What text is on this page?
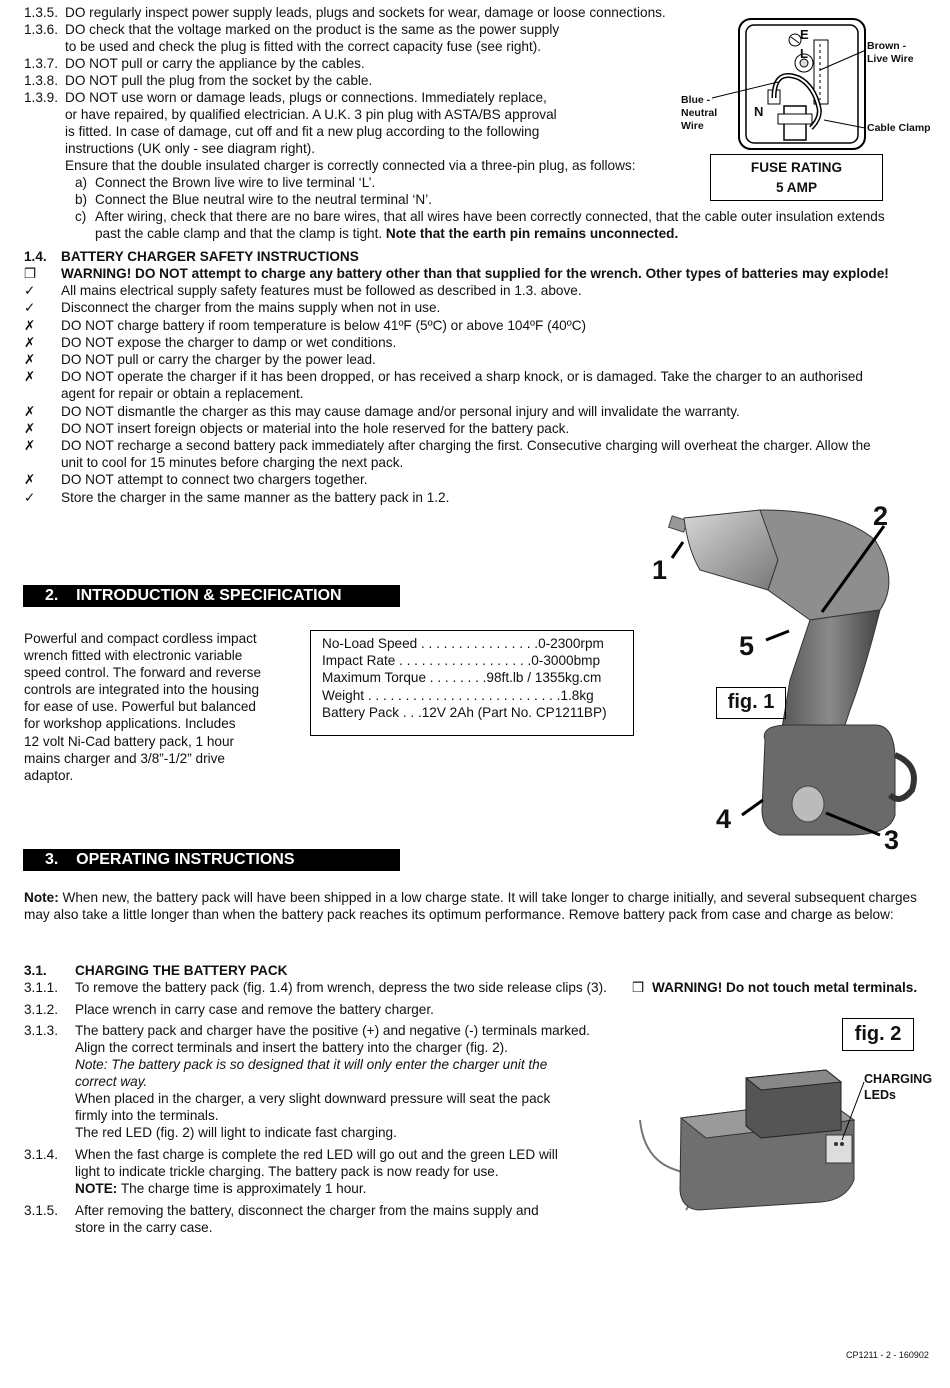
1.3.5. DO regularly inspect power supply leads, plugs and sockets for wear, damage or loose connections.
1.3.6. DO check that the voltage marked on the product is the same as the power supply
to be used and check the plug is fitted with the correct capacity fuse (see right).
1.3.7. DO NOT pull or carry the appliance by the cables.
1.3.8. DO NOT pull the plug from the socket by the cable.
1.3.9. DO NOT use worn or damage leads, plugs or connections. Immediately replace,
or have repaired, by qualified electrician. A U.K. 3 pin plug with ASTA/BS approval
is fitted. In case of damage, cut off and fit a new plug according to the following
instructions (UK only - see diagram right).
Ensure that the double insulated charger is correctly connected via a three-pin plug, as follows:
a) Connect the Brown live wire to live terminal ‘L’.
b) Connect the Blue neutral wire to the neutral terminal ‘N’.
c) After wiring, check that there are no bare wires, that all wires have been correctly connected, that the cable outer insulation extends
past the cable clamp and that the clamp is tight. Note that the earth pin remains unconnected.
E
L
N
Brown -
Live Wire
Blue -
Neutral
Wire	Cable Clamp
FUSE RATING
5 AMP
1.4. BATTERY CHARGER SAFETY INSTRUCTIONS
❒ WARNING! DO NOT attempt to charge any battery other than that supplied for the wrench. Other types of batteries may explode!
✓ All mains electrical supply safety features must be followed as described in 1.3. above.
✓ Disconnect the charger from the mains supply when not in use.
✗ DO NOT charge battery if room temperature is below 41ºF (5ºC) or above 104ºF (40ºC)
✗ DO NOT expose the charger to damp or wet conditions.
✗ DO NOT pull or carry the charger by the power lead.
✗ DO NOT operate the charger if it has been dropped, or has received a sharp knock, or is damaged. Take the charger to an authorised
agent for repair or obtain a replacement.
✗ DO NOT dismantle the charger as this may cause damage and/or personal injury and will invalidate the warranty.
✗ DO NOT insert foreign objects or material into the hole reserved for the battery pack.
✗ DO NOT recharge a second battery pack immediately after charging the first. Consecutive charging will overheat the charger. Allow the
unit to cool for 15 minutes before charging the next pack.
✗ DO NOT attempt to connect two chargers together.
✓ Store the charger in the same manner as the battery pack in 1.2.
2.    INTRODUCTION & SPECIFICATION
Powerful and compact cordless impact
wrench fitted with electronic variable
speed control. The forward and reverse
controls are integrated into the housing
for ease of use. Powerful but balanced
for workshop applications. Includes
12 volt Ni-Cad battery pack, 1 hour
mains charger and 3/8”-1/2” drive
adaptor.
No-Load Speed . . . . . . . . . . . . . . . .0-2300rpm
Impact Rate . . . . . . . . . . . . . . . . . .0-3000bmp
Maximum Torque . . . . . . . .98ft.lb / 1355kg.cm
Weight . . . . . . . . . . . . . . . . . . . . . . . . . .1.8kg
Battery Pack . . .12V 2Ah (Part No. CP1211BP)
1
2
3
4
5
fig. 1
3.    OPERATING INSTRUCTIONS
Note: When new, the battery pack will have been shipped in a low charge state. It will take longer to charge initially, and several subsequent charges
may also take a little longer than when the battery pack reaches its optimum performance. Remove battery pack from case and charge as below:
3.1. CHARGING THE BATTERY PACK
3.1.1. To remove the battery pack (fig. 1.4) from wrench, depress the two side release clips (3). ❒ WARNING! Do not touch metal terminals.
3.1.2. Place wrench in carry case and remove the battery charger.
3.1.3. The battery pack and charger have the positive (+) and negative (-) terminals marked.
Align the correct terminals and insert the battery into the charger (fig. 2).
Note: The battery pack is so designed that it will only enter the charger unit the
correct way.
When placed in the charger, a very slight downward pressure will seat the pack
firmly into the terminals.
The red LED (fig. 2) will light to indicate fast charging.
3.1.4. When the fast charge is complete the red LED will go out and the green LED will
light to indicate trickle charging. The battery pack is now ready for use.
NOTE: The charge time is approximately 1 hour.
3.1.5. After removing the battery, disconnect the charger from the mains supply and
store in the carry case.
fig. 2
CHARGING
LEDs
CP1211 - 2 - 160902
